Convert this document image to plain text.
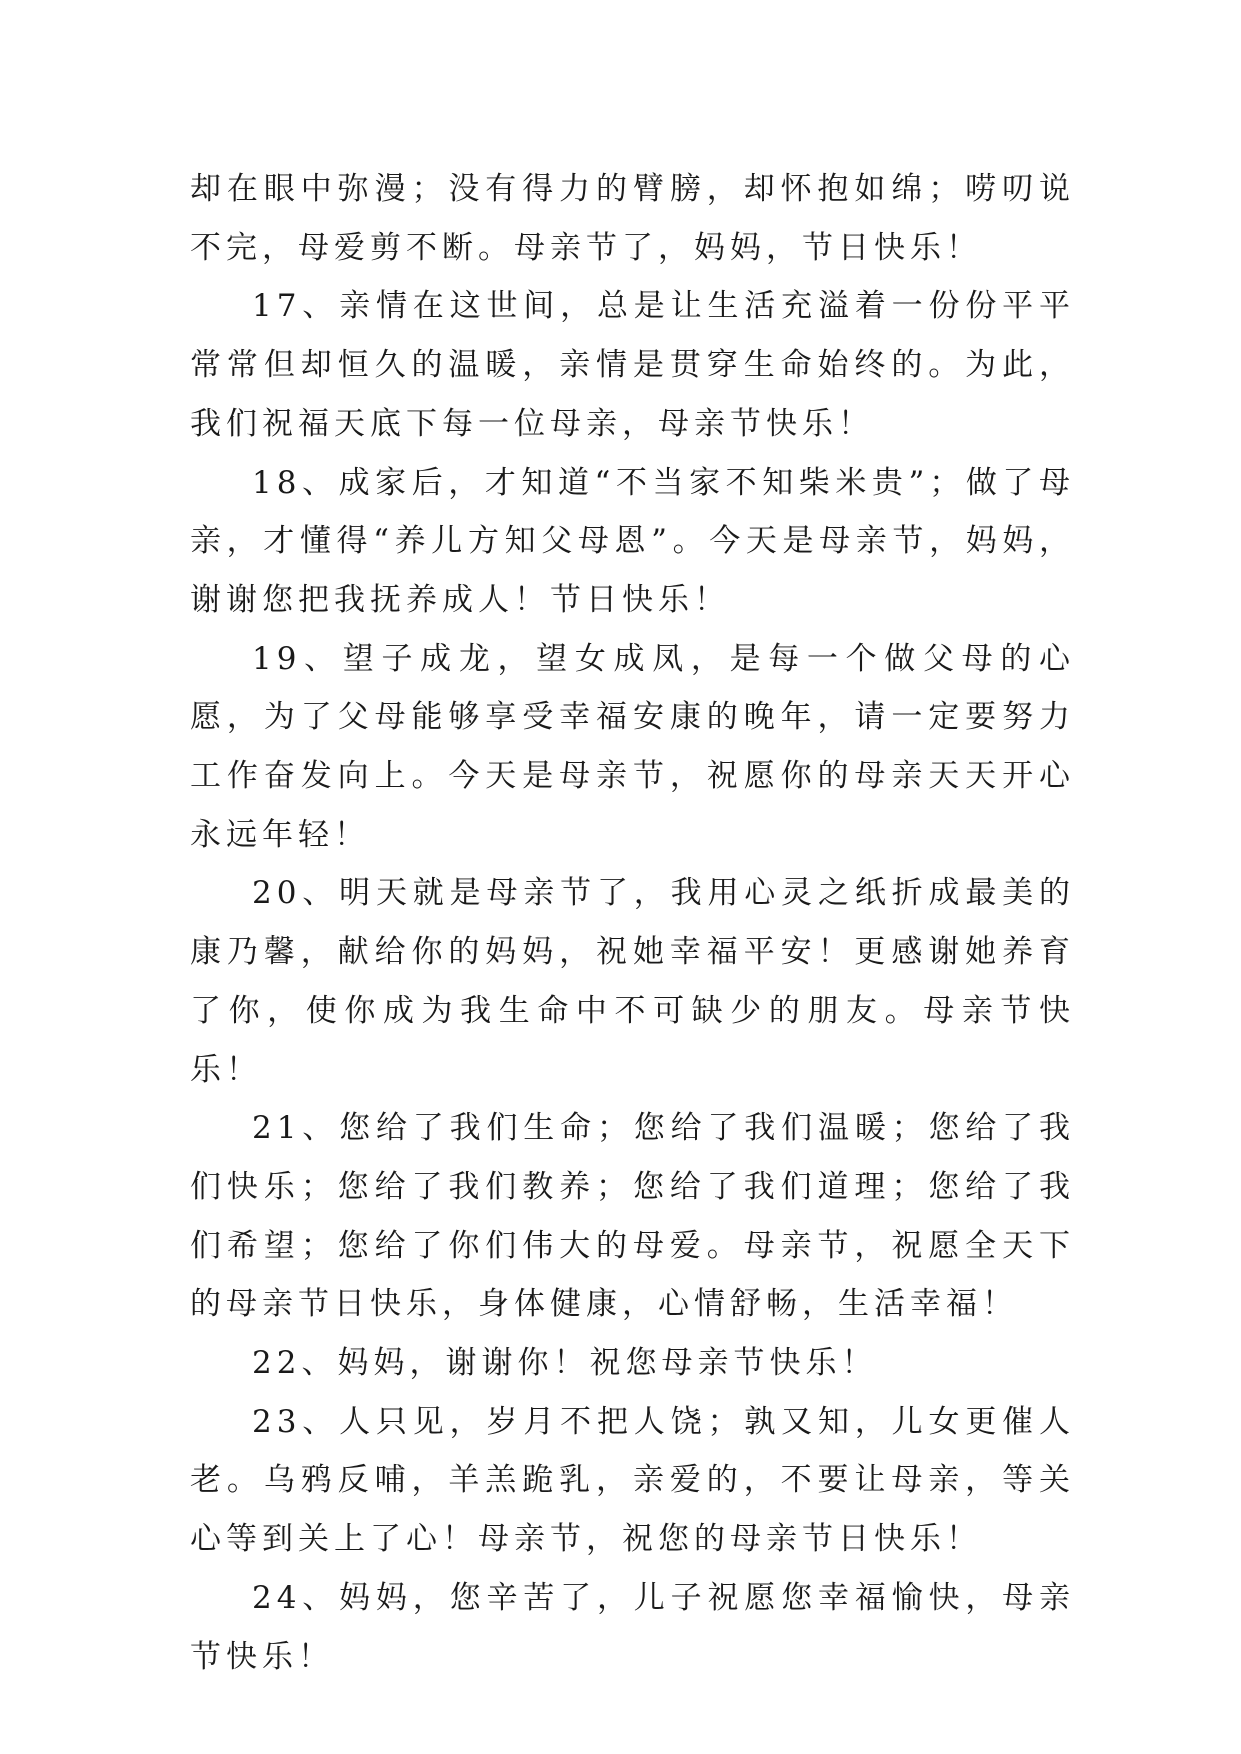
却在眼中弥漫；没有得力的臂膀，却怀抱如绵；唠叨说不完，母爱剪不断。母亲节了，妈妈，节日快乐！

17、亲情在这世间，总是让生活充溢着一份份平平常常但却恒久的温暖，亲情是贯穿生命始终的。为此，我们祝福天底下每一位母亲，母亲节快乐！

18、成家后，才知道“不当家不知柴米贵”；做了母亲，才懂得“养儿方知父母恩”。今天是母亲节，妈妈，谢谢您把我抚养成人！节日快乐！

19、望子成龙，望女成凤，是每一个做父母的心愿，为了父母能够享受幸福安康的晚年，请一定要努力工作奋发向上。今天是母亲节，祝愿你的母亲天天开心永远年轻！

20、明天就是母亲节了，我用心灵之纸折成最美的康乃馨，献给你的妈妈，祝她幸福平安！更感谢她养育了你，使你成为我生命中不可缺少的朋友。母亲节快乐！

21、您给了我们生命；您给了我们温暖；您给了我们快乐；您给了我们教养；您给了我们道理；您给了我们希望；您给了你们伟大的母爱。母亲节，祝愿全天下的母亲节日快乐，身体健康，心情舒畅，生活幸福！

22、妈妈，谢谢你！祝您母亲节快乐！

23、人只见，岁月不把人饶；孰又知，儿女更催人老。乌鸦反哺，羊羔跪乳，亲爱的，不要让母亲，等关心等到关上了心！母亲节，祝您的母亲节日快乐！

24、妈妈，您辛苦了，儿子祝愿您幸福愉快，母亲节快乐！
